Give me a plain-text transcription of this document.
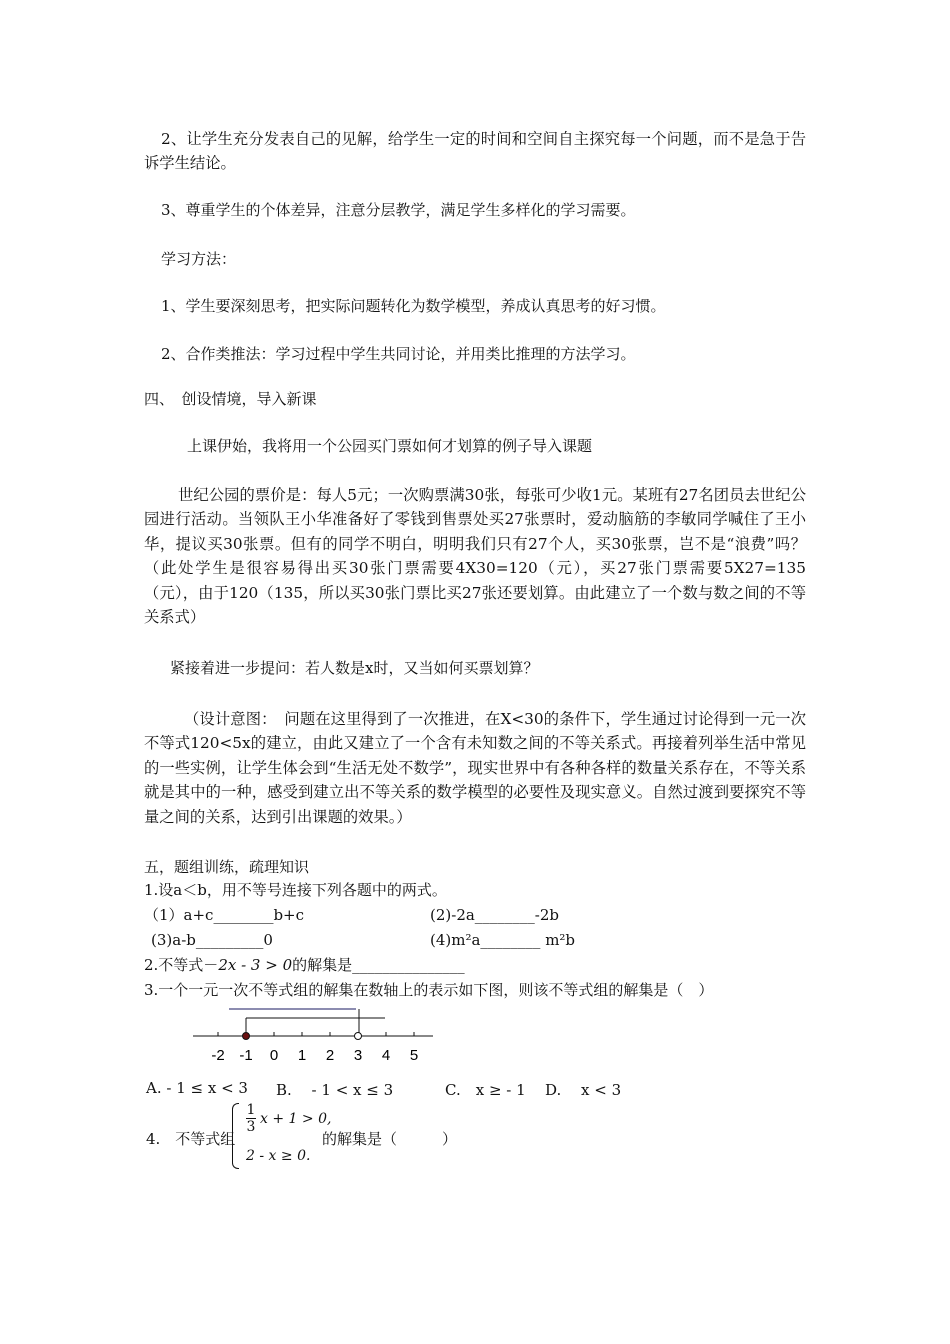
2、让学生充分发表自己的见解，给学生一定的时间和空间自主探究每一个问题，而不是急于告诉学生结论。
3、尊重学生的个体差异，注意分层教学，满足学生多样化的学习需要。
学习方法：
1、学生要深刻思考，把实际问题转化为数学模型，养成认真思考的好习惯。
2、合作类推法：学习过程中学生共同讨论，并用类比推理的方法学习。
四、　创设情境，导入新课
上课伊始，我将用一个公园买门票如何才划算的例子导入课题
世纪公园的票价是：每人5元；一次购票满30张，每张可少收1元。某班有27名团员去世纪公园进行活动。当领队王小华准备好了零钱到售票处买27张票时，爱动脑筋的李敏同学喊住了王小华，提议买30张票。但有的同学不明白，明明我们只有27个人，买30张票，岂不是“浪费”吗？（此处学生是很容易得出买30张门票需要4X30=120（元），买27张门票需要5X27=135（元），由于120（135，所以买30张门票比买27张还要划算。由此建立了一个数与数之间的不等关系式）
紧接着进一步提问：若人数是x时，又当如何买票划算？
（设计意图：　问题在这里得到了一次推进，在X<30的条件下，学生通过讨论得到一元一次不等式120<5x的建立，由此又建立了一个含有未知数之间的不等关系式。再接着列举生活中常见的一些实例，让学生体会到“生活无处不数学”，现实世界中有各种各样的数量关系存在，不等关系就是其中的一种，感受到建立出不等关系的数学模型的必要性及现实意义。自然过渡到要探究不等量之间的关系，达到引出课题的效果。）
五，题组训练，疏理知识
1.设a＜b，用不等号连接下列各题中的两式。
（1）a+c________b+c	(2)-2a________-2b
(3)a-b_________0	(4)m²a________ m²b
2.不等式－2x - 3 > 0的解集是_______________
3.一个一元一次不等式组的解集在数轴上的表示如下图，则该不等式组的解集是（　）
-2 -1 0 1 2 3 4 5
A. - 1 ≤ x < 3 B.　 - 1 < x ≤ 3	C.　x ≥ - 1 D.　 x < 3
4.　不等式组
1
3 x + 1 > 0,
2 - x ≥ 0.
的解集是（　　　）
